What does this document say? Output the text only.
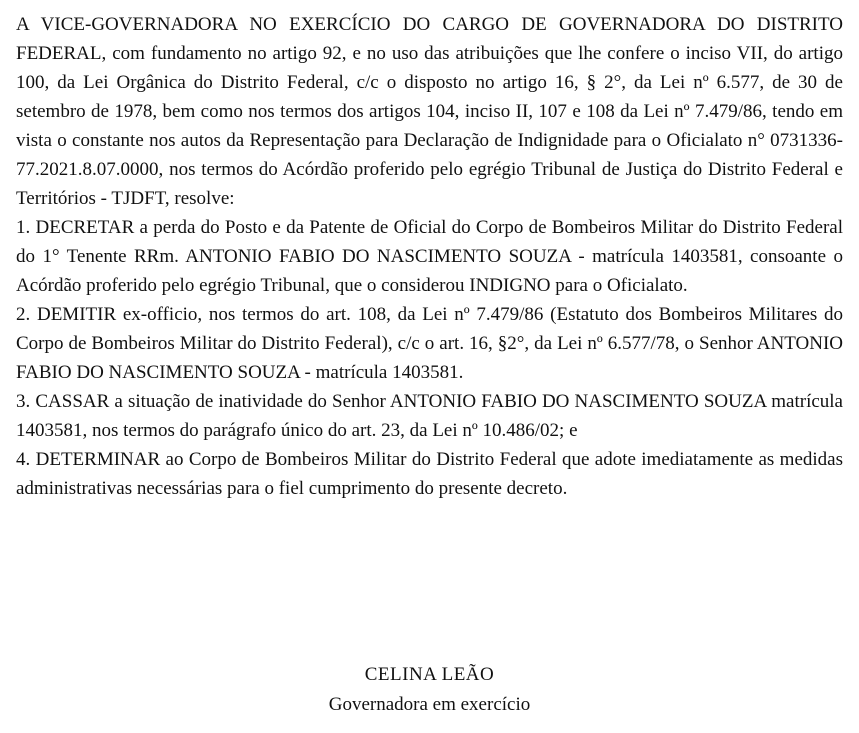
A VICE-GOVERNADORA NO EXERCÍCIO DO CARGO DE GOVERNADORA DO DISTRITO FEDERAL, com fundamento no artigo 92, e no uso das atribuições que lhe confere o inciso VII, do artigo 100, da Lei Orgânica do Distrito Federal, c/c o disposto no artigo 16, § 2°, da Lei nº 6.577, de 30 de setembro de 1978, bem como nos termos dos artigos 104, inciso II, 107 e 108 da Lei nº 7.479/86, tendo em vista o constante nos autos da Representação para Declaração de Indignidade para o Oficialato n° 0731336-77.2021.8.07.0000, nos termos do Acórdão proferido pelo egrégio Tribunal de Justiça do Distrito Federal e Territórios - TJDFT, resolve:

1. DECRETAR a perda do Posto e da Patente de Oficial do Corpo de Bombeiros Militar do Distrito Federal do 1° Tenente RRm. ANTONIO FABIO DO NASCIMENTO SOUZA - matrícula 1403581, consoante o Acórdão proferido pelo egrégio Tribunal, que o considerou INDIGNO para o Oficialato.

2. DEMITIR ex-officio, nos termos do art. 108, da Lei nº 7.479/86 (Estatuto dos Bombeiros Militares do Corpo de Bombeiros Militar do Distrito Federal), c/c o art. 16, §2°, da Lei nº 6.577/78, o Senhor ANTONIO FABIO DO NASCIMENTO SOUZA - matrícula 1403581.

3. CASSAR a situação de inatividade do Senhor ANTONIO FABIO DO NASCIMENTO SOUZA matrícula 1403581, nos termos do parágrafo único do art. 23, da Lei nº 10.486/02; e

4. DETERMINAR ao Corpo de Bombeiros Militar do Distrito Federal que adote imediatamente as medidas administrativas necessárias para o fiel cumprimento do presente decreto.

CELINA LEÃO
Governadora em exercício
